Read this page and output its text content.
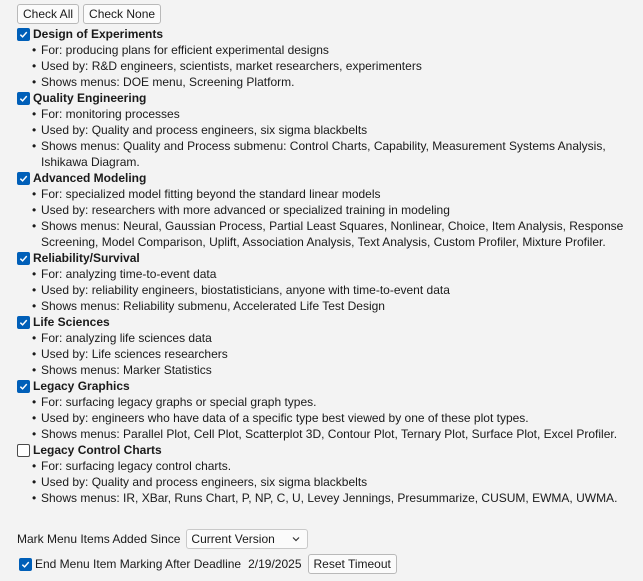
Check All	Check None
Design of Experiments
• For: producing plans for efficient experimental designs
• Used by: R&D engineers, scientists, market researchers, experimenters
• Shows menus: DOE menu, Screening Platform.
Quality Engineering
• For: monitoring processes
• Used by: Quality and process engineers, six sigma blackbelts
• Shows menus: Quality and Process submenu: Control Charts, Capability, Measurement Systems Analysis, Ishikawa Diagram.
Advanced Modeling
• For: specialized model fitting beyond the standard linear models
• Used by: researchers with more advanced or specialized training in modeling
• Shows menus: Neural, Gaussian Process, Partial Least Squares, Nonlinear, Choice, Item Analysis, Response Screening, Model Comparison, Uplift, Association Analysis, Text Analysis, Custom Profiler, Mixture Profiler.
Reliability/Survival
• For: analyzing time-to-event data
• Used by: reliability engineers, biostatisticians, anyone with time-to-event data
• Shows menus: Reliability submenu, Accelerated Life Test Design
Life Sciences
• For: analyzing life sciences data
• Used by: Life sciences researchers
• Shows menus: Marker Statistics
Legacy Graphics
• For: surfacing legacy graphs or special graph types.
• Used by: engineers who have data of a specific type best viewed by one of these plot types.
• Shows menus: Parallel Plot, Cell Plot, Scatterplot 3D, Contour Plot, Ternary Plot, Surface Plot, Excel Profiler.
Legacy Control Charts
• For: surfacing legacy control charts.
• Used by: Quality and process engineers, six sigma blackbelts
• Shows menus: IR, XBar, Runs Chart, P, NP, C, U, Levey Jennings, Presummarize, CUSUM, EWMA, UWMA.
Mark Menu Items Added Since Current Version
End Menu Item Marking After Deadline 2/19/2025	Reset Timeout
